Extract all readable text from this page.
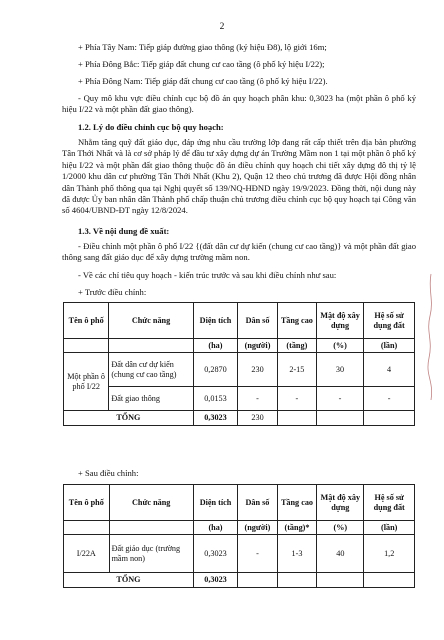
2
+ Phía Tây Nam: Tiếp giáp đường giao thông (ký hiệu Đ8), lộ giới 16m;
+ Phía Đông Bắc: Tiếp giáp đất chung cư cao tầng (ô phố ký hiệu I/22);
+ Phía Đông Nam: Tiếp giáp đất chung cư cao tầng (ô phố ký hiệu I/22).
- Quy mô khu vực điều chỉnh cục bộ đồ án quy hoạch phân khu: 0,3023 ha (một phần ô phố ký hiệu I/22 và một phần đất giao thông).
1.2. Lý do điều chỉnh cục bộ quy hoạch:
Nhằm tăng quỹ đất giáo dục, đáp ứng nhu cầu trường lớp đang rất cấp thiết trên địa bàn phường Tân Thới Nhất và là cơ sở pháp lý để đầu tư xây dựng dự án Trường Mầm non 1 tại một phần ô phố ký hiệu I/22 và một phần đất giao thông thuộc đồ án điều chỉnh quy hoạch chi tiết xây dựng đô thị tỷ lệ 1/2000 khu dân cư phường Tân Thới Nhất (Khu 2), Quận 12 theo chủ trương đã được Hội đồng nhân dân Thành phố thông qua tại Nghị quyết số 139/NQ-HĐND ngày 19/9/2023. Đồng thời, nội dung này đã được Ủy ban nhân dân Thành phố chấp thuận chủ trương điều chỉnh cục bộ quy hoạch tại Công văn số 4604/UBND-ĐT ngày 12/8/2024.
1.3. Về nội dung đề xuất:
- Điều chỉnh một phần ô phố I/22 {(đất dân cư dự kiến (chung cư cao tầng)} và một phần đất giao thông sang đất giáo dục để xây dựng trường mầm non.
- Về các chỉ tiêu quy hoạch - kiến trúc trước và sau khi điều chỉnh như sau:
+ Trước điều chỉnh:
Tên ô phố	Chức năng	Diện tích	Dân số	Tầng cao	Mật độ xây dựng	Hệ số sử dụng đất
		(ha)	(người)	(tầng)	(%)	(lần)
Một phần ô phố I/22	Đất dân cư dự kiến (chung cư cao tầng)	0,2870	230	2-15	30	4
	Đất giao thông	0,0153	-	-	-	-
TỔNG		0,3023	230			
+ Sau điều chỉnh:
Tên ô phố	Chức năng	Diện tích	Dân số	Tầng cao	Mật độ xây dựng	Hệ số sử dụng đất
		(ha)	(người)	(tầng)*	(%)	(lần)
I/22A	Đất giáo dục (trường mầm non)	0,3023	-	1-3	40	1,2
TỔNG		0,3023				
